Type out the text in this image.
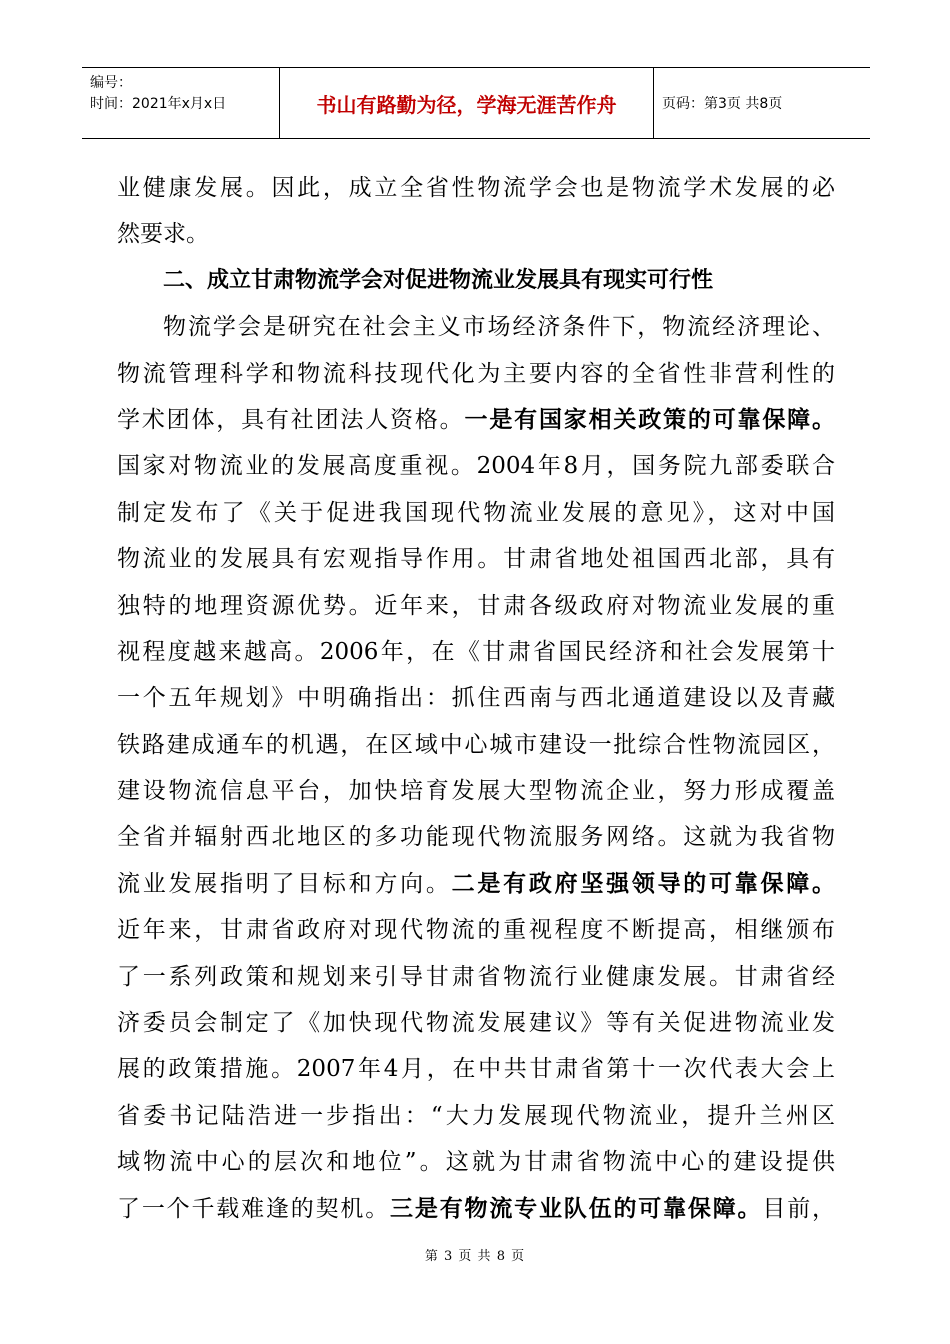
编号：
时间：2021年x月x日	书山有路勤为径，学海无涯苦作舟	页码：第3页 共8页
业健康发展。因此，成立全省性物流学会也是物流学术发展的必
然要求。
二、成立甘肃物流学会对促进物流业发展具有现实可行性
物流学会是研究在社会主义市场经济条件下，物流经济理论、
物流管理科学和物流科技现代化为主要内容的全省性非营利性的
学术团体，具有社团法人资格。一是有国家相关政策的可靠保障。
国家对物流业的发展高度重视。2004年8月，国务院九部委联合
制定发布了《关于促进我国现代物流业发展的意见》，这对中国
物流业的发展具有宏观指导作用。甘肃省地处祖国西北部，具有
独特的地理资源优势。近年来，甘肃各级政府对物流业发展的重
视程度越来越高。2006年，在《甘肃省国民经济和社会发展第十
一个五年规划》中明确指出：抓住西南与西北通道建设以及青藏
铁路建成通车的机遇，在区域中心城市建设一批综合性物流园区，
建设物流信息平台，加快培育发展大型物流企业，努力形成覆盖
全省并辐射西北地区的多功能现代物流服务网络。这就为我省物
流业发展指明了目标和方向。二是有政府坚强领导的可靠保障。
近年来，甘肃省政府对现代物流的重视程度不断提高，相继颁布
了一系列政策和规划来引导甘肃省物流行业健康发展。甘肃省经
济委员会制定了《加快现代物流发展建议》等有关促进物流业发
展的政策措施。2007年4月，在中共甘肃省第十一次代表大会上
省委书记陆浩进一步指出：“大力发展现代物流业，提升兰州区
域物流中心的层次和地位”。这就为甘肃省物流中心的建设提供
了一个千载难逢的契机。三是有物流专业队伍的可靠保障。目前，
第 3 页 共 8 页
